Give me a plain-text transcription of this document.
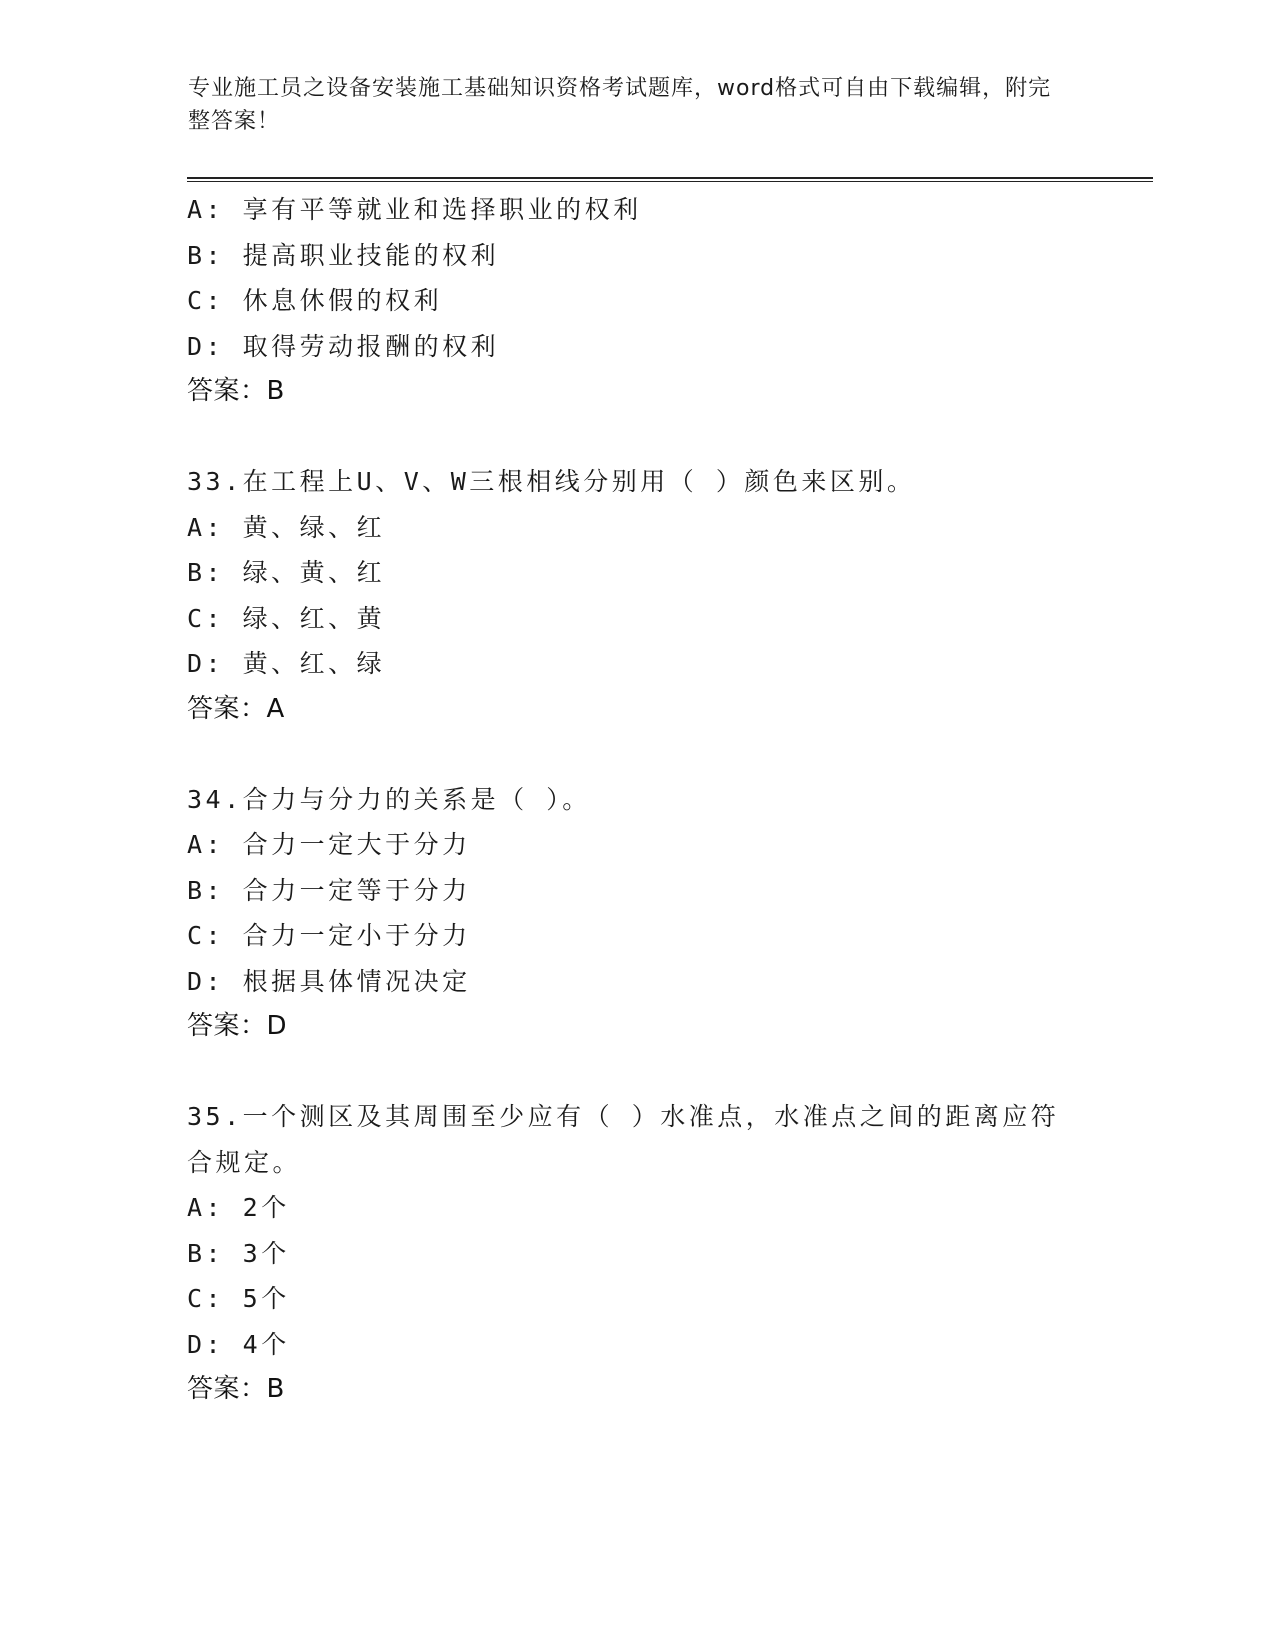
专业施工员之设备安装施工基础知识资格考试题库，word格式可自由下载编辑，附完整答案！
A: 享有平等就业和选择职业的权利
B: 提高职业技能的权利
C: 休息休假的权利
D: 取得劳动报酬的权利
答案：B
33.在工程上U、V、W三根相线分别用（ ）颜色来区别。
A: 黄、绿、红
B: 绿、黄、红
C: 绿、红、黄
D: 黄、红、绿
答案：A
34.合力与分力的关系是（ ）。
A: 合力一定大于分力
B: 合力一定等于分力
C: 合力一定小于分力
D: 根据具体情况决定
答案：D
35.一个测区及其周围至少应有（ ）水准点，水准点之间的距离应符合规定。
A: 2个
B: 3个
C: 5个
D: 4个
答案：B
